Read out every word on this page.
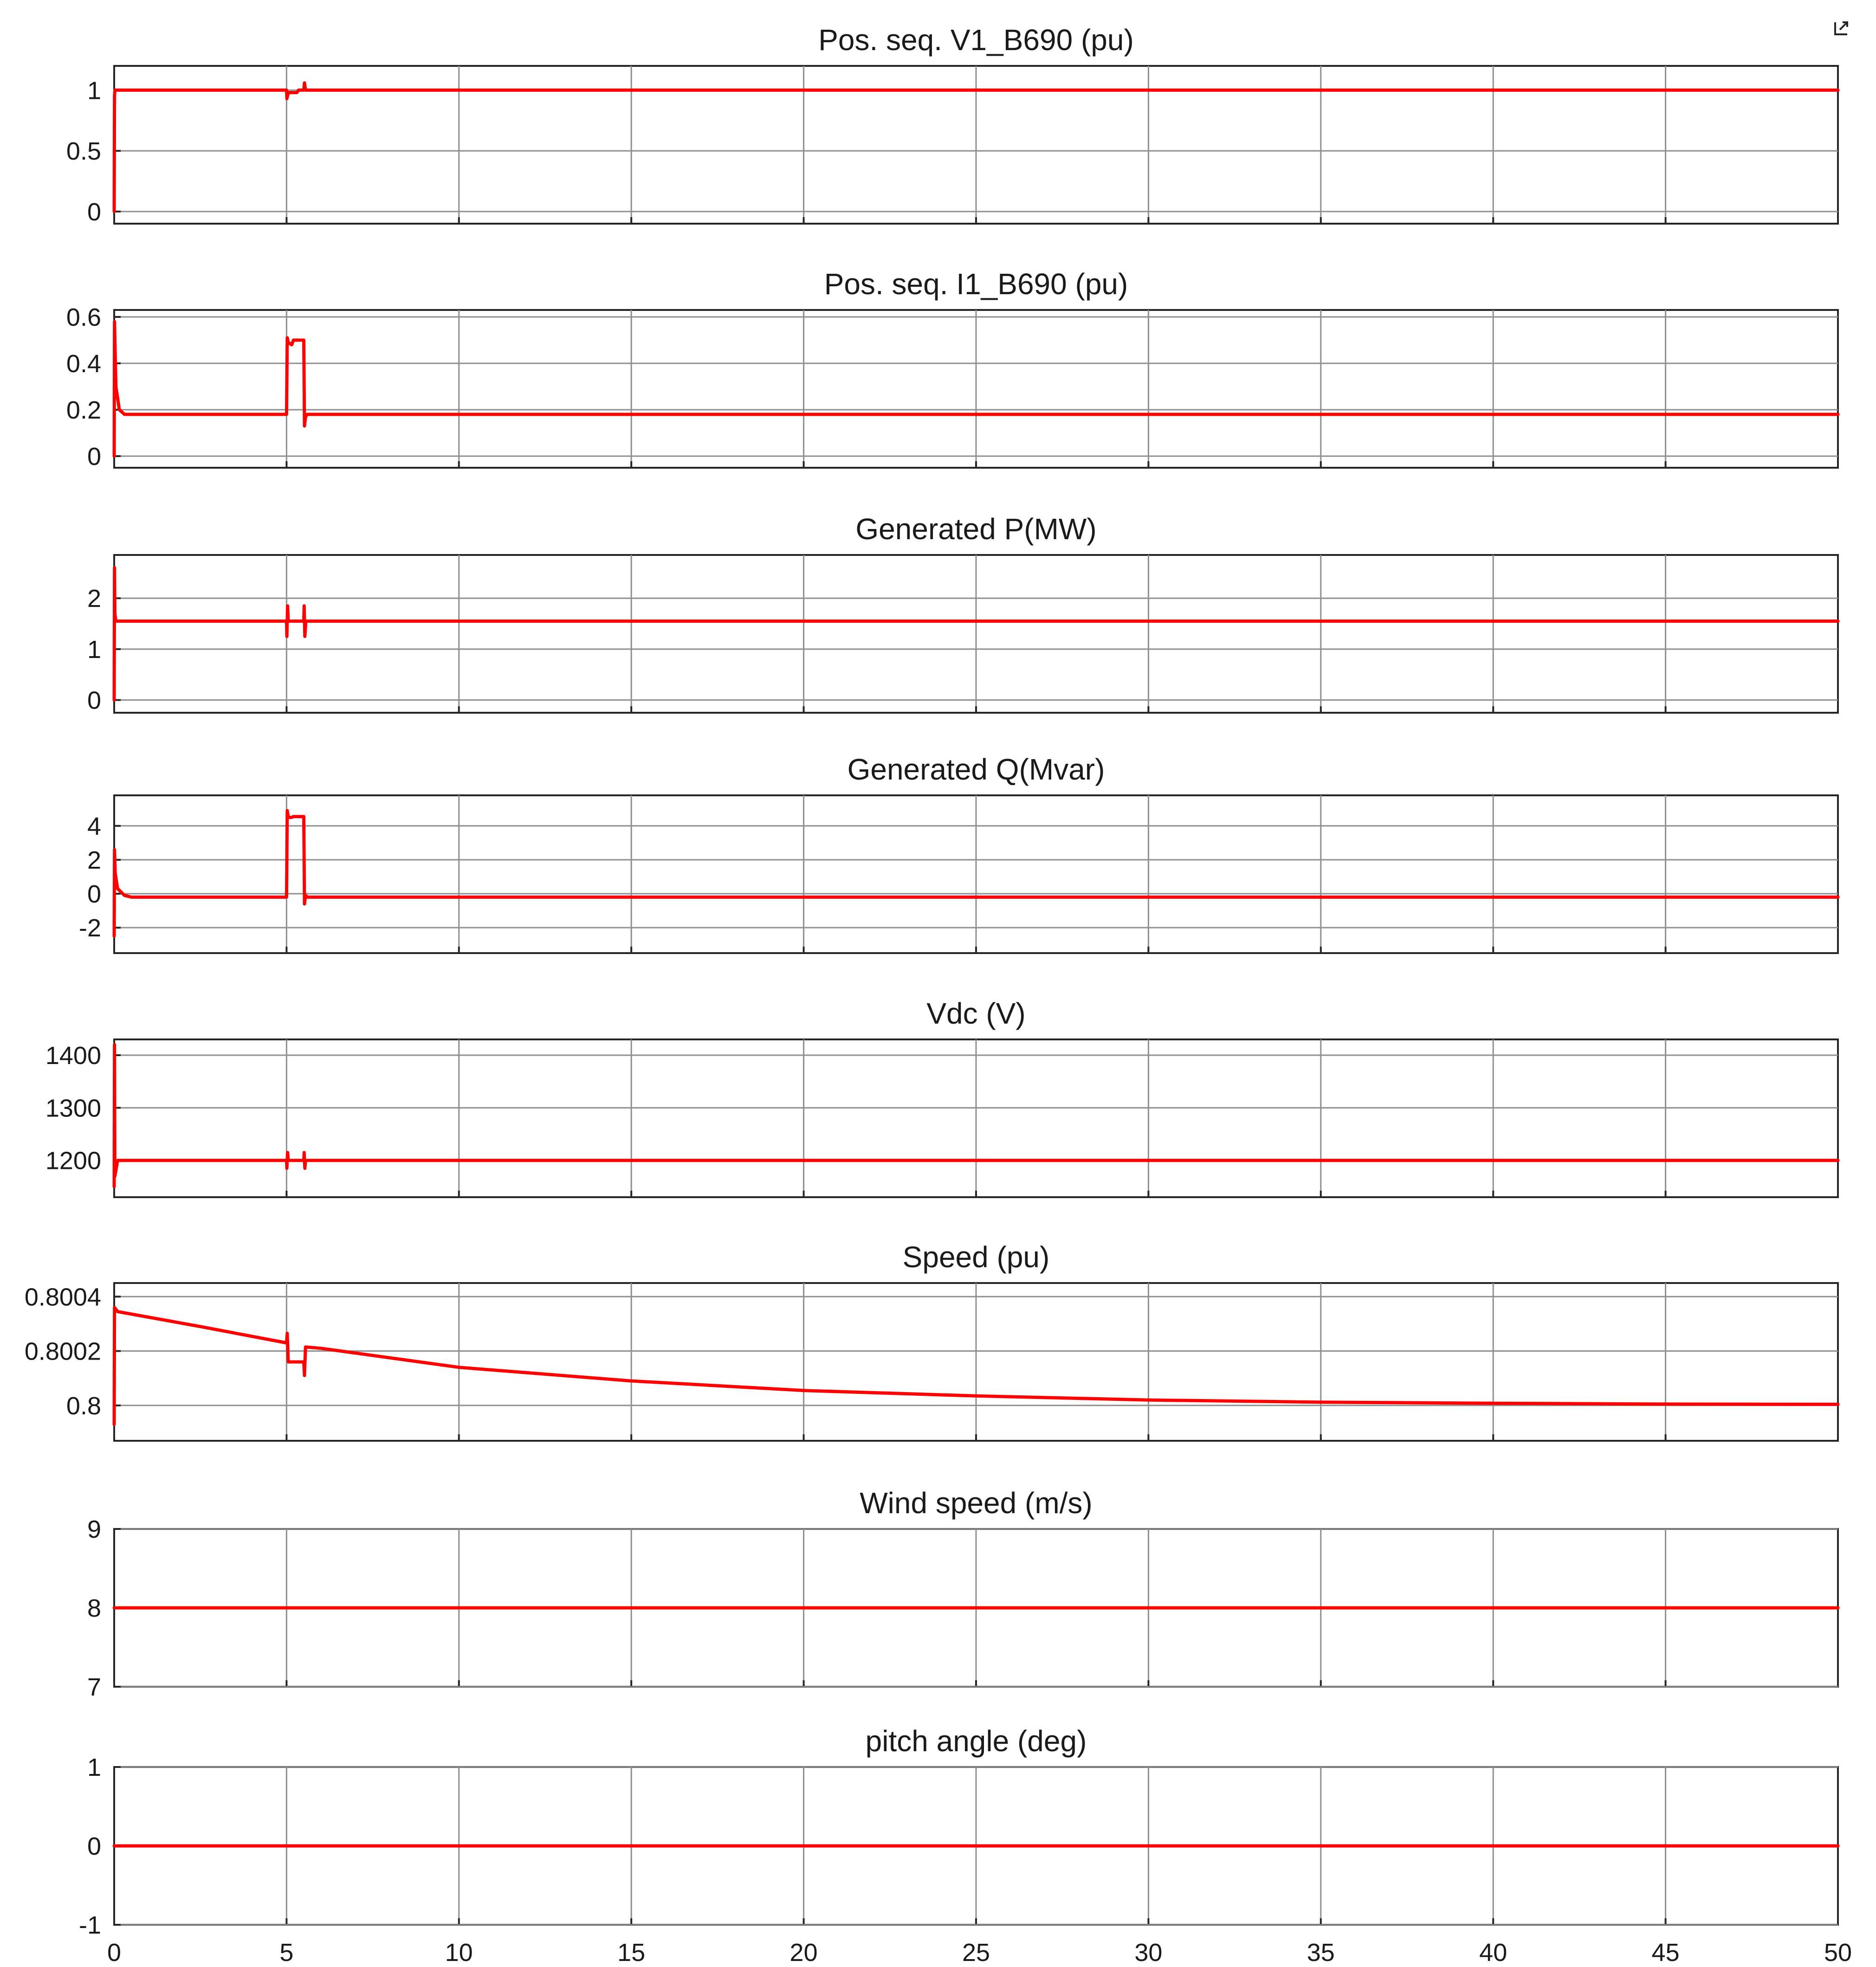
0
0.5
1
Pos. seq. V1_B690 (pu)
0
0.2
0.4
0.6
Pos. seq. I1_B690 (pu)
0
1
2
Generated P(MW)
-2
0
2
4
Generated Q(Mvar)
1200
1300
1400
Vdc (V)
0.8
0.8002
0.8004
Speed (pu)
7
8
9
Wind speed (m/s)
-1
0
1
pitch angle (deg)
0	5	10	15	20	25	30	35	40	45	50
